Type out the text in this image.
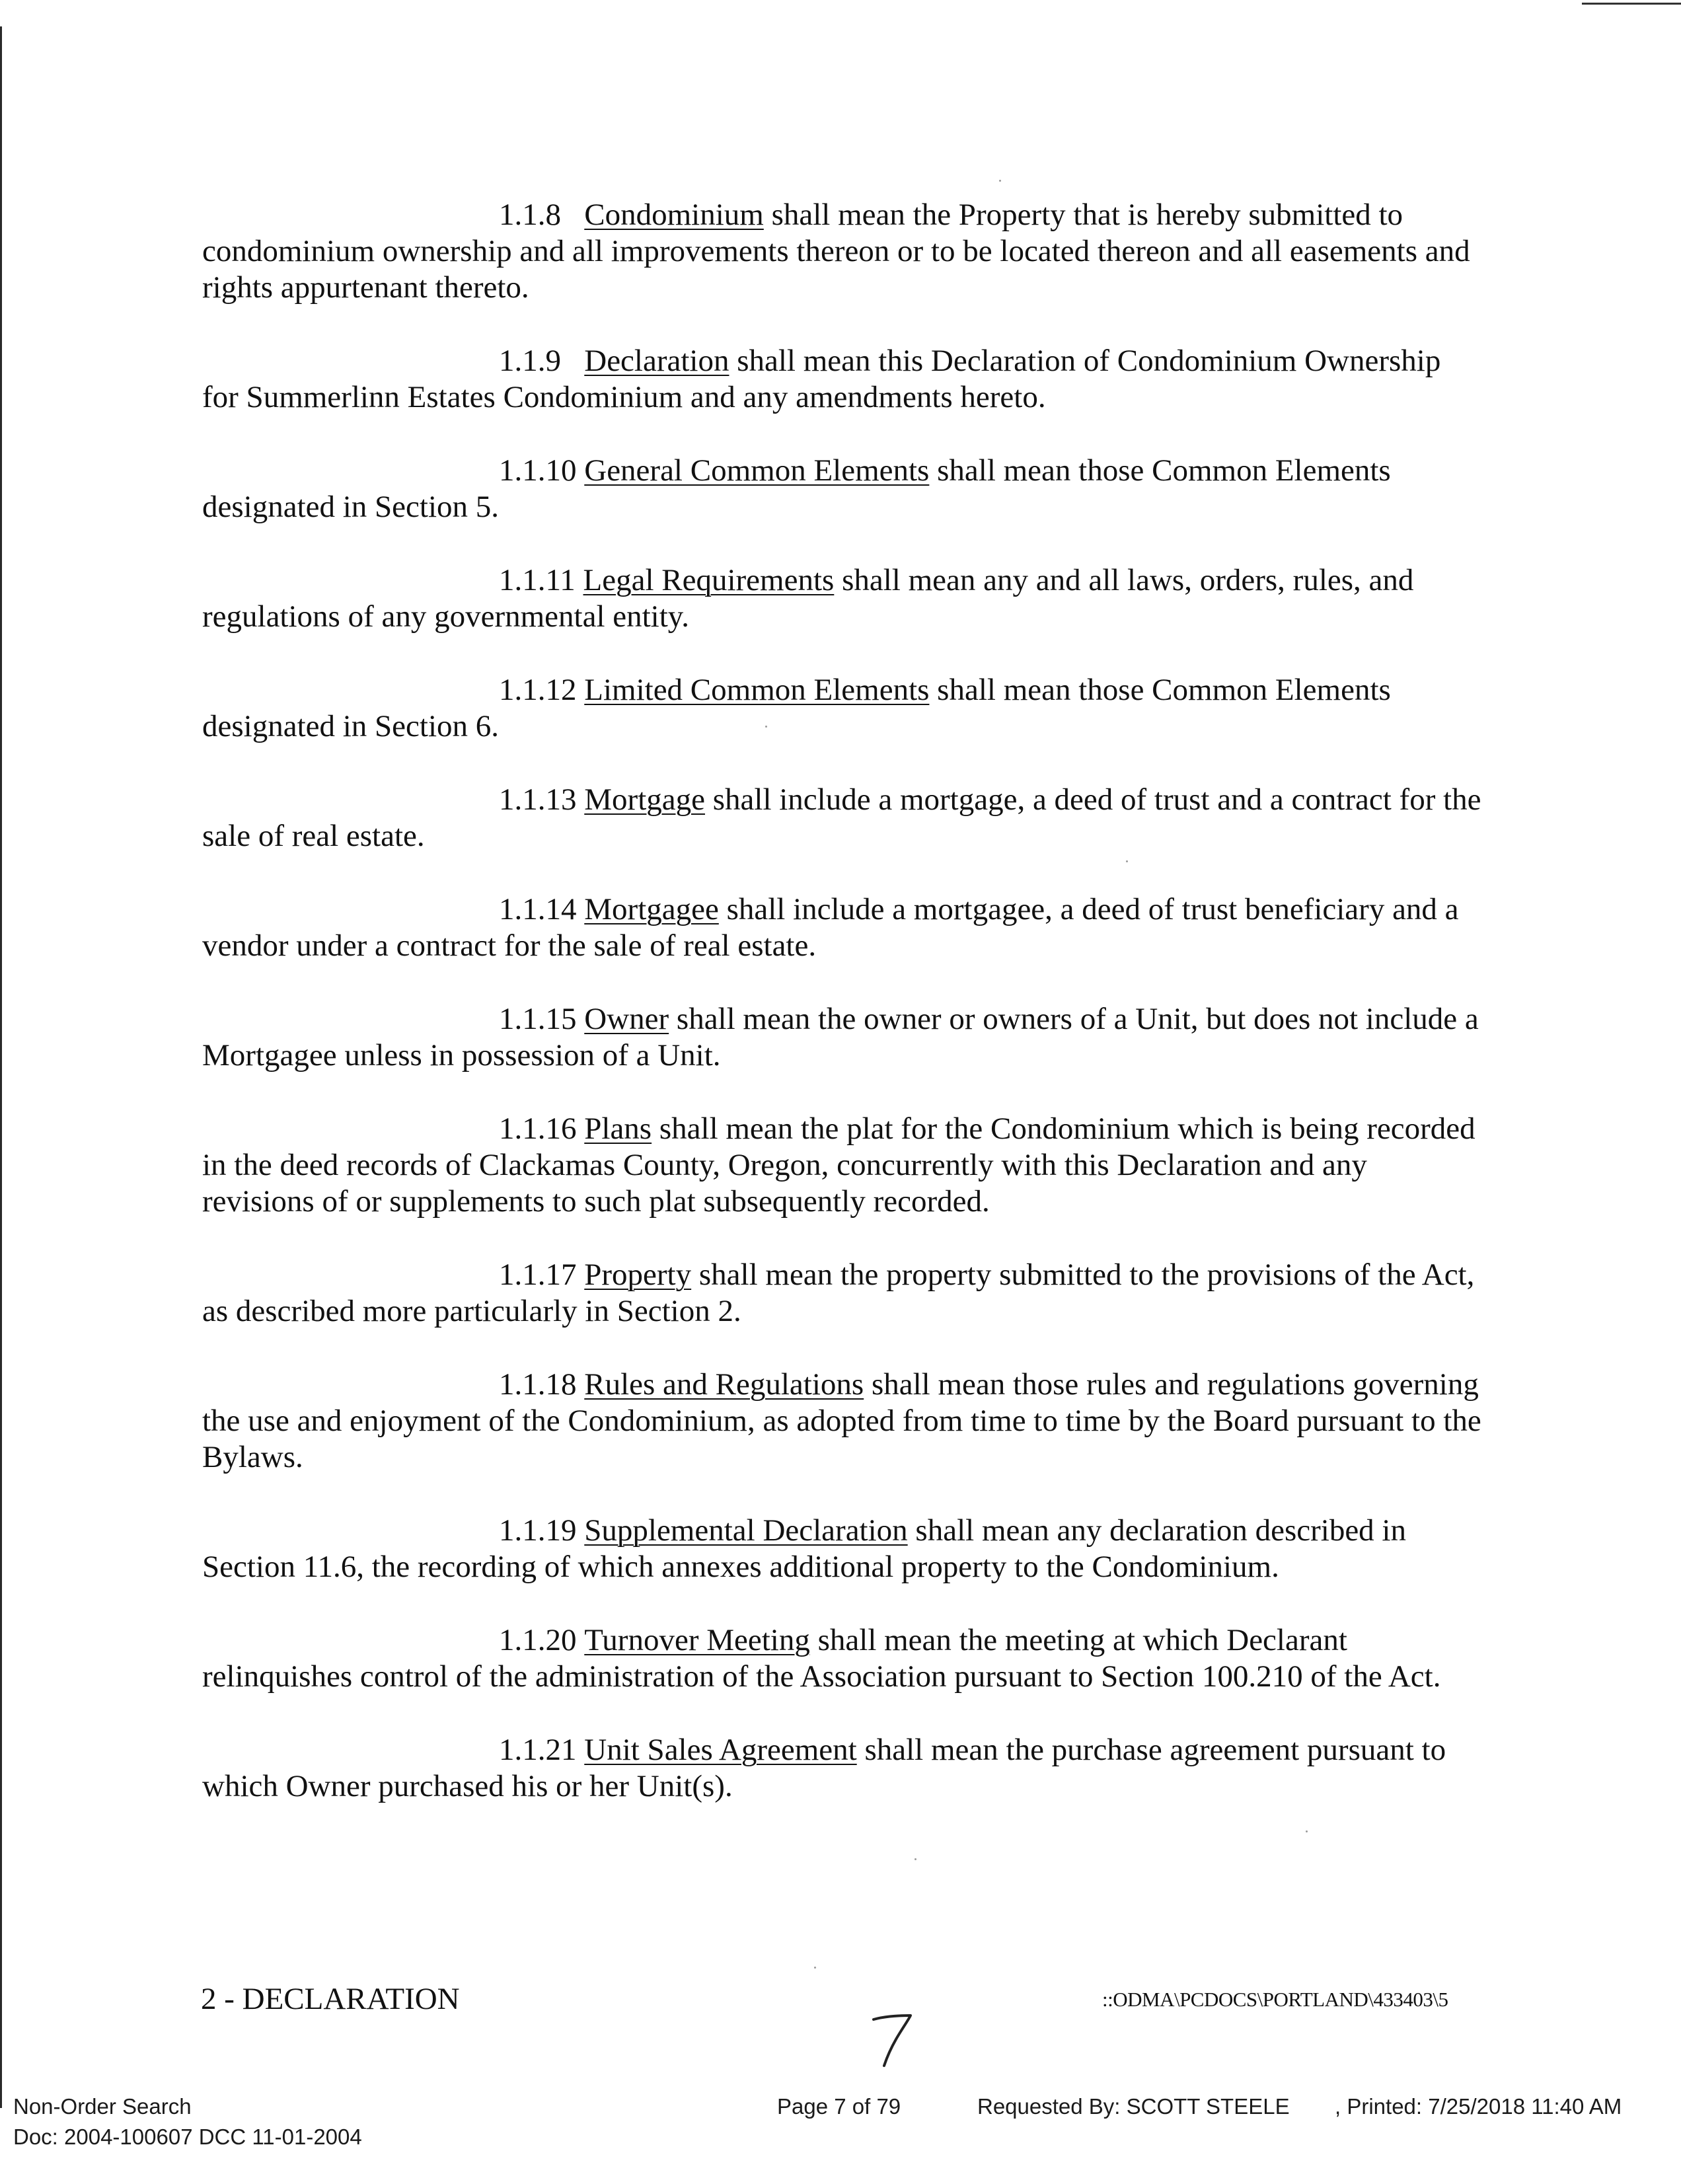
1.1.8 Condominium shall mean the Property that is hereby submitted to condominium ownership and all improvements thereon or to be located thereon and all easements and rights appurtenant thereto.

1.1.9 Declaration shall mean this Declaration of Condominium Ownership for Summerlinn Estates Condominium and any amendments hereto.

1.1.10 General Common Elements shall mean those Common Elements designated in Section 5.

1.1.11 Legal Requirements shall mean any and all laws, orders, rules, and regulations of any governmental entity.

1.1.12 Limited Common Elements shall mean those Common Elements designated in Section 6.

1.1.13 Mortgage shall include a mortgage, a deed of trust and a contract for the sale of real estate.

1.1.14 Mortgagee shall include a mortgagee, a deed of trust beneficiary and a vendor under a contract for the sale of real estate.

1.1.15 Owner shall mean the owner or owners of a Unit, but does not include a Mortgagee unless in possession of a Unit.

1.1.16 Plans shall mean the plat for the Condominium which is being recorded in the deed records of Clackamas County, Oregon, concurrently with this Declaration and any revisions of or supplements to such plat subsequently recorded.

1.1.17 Property shall mean the property submitted to the provisions of the Act, as described more particularly in Section 2.

1.1.18 Rules and Regulations shall mean those rules and regulations governing the use and enjoyment of the Condominium, as adopted from time to time by the Board pursuant to the Bylaws.

1.1.19 Supplemental Declaration shall mean any declaration described in Section 11.6, the recording of which annexes additional property to the Condominium.

1.1.20 Turnover Meeting shall mean the meeting at which Declarant relinquishes control of the administration of the Association pursuant to Section 100.210 of the Act.

1.1.21 Unit Sales Agreement shall mean the purchase agreement pursuant to which Owner purchased his or her Unit(s).

2 - DECLARATION	::ODMA\PCDOCS\PORTLAND\433403\5
Non-Order Search
Doc: 2004-100607 DCC 11-01-2004
Page 7 of 79	Requested By: SCOTT STEELE , Printed: 7/25/2018 11:40 AM
